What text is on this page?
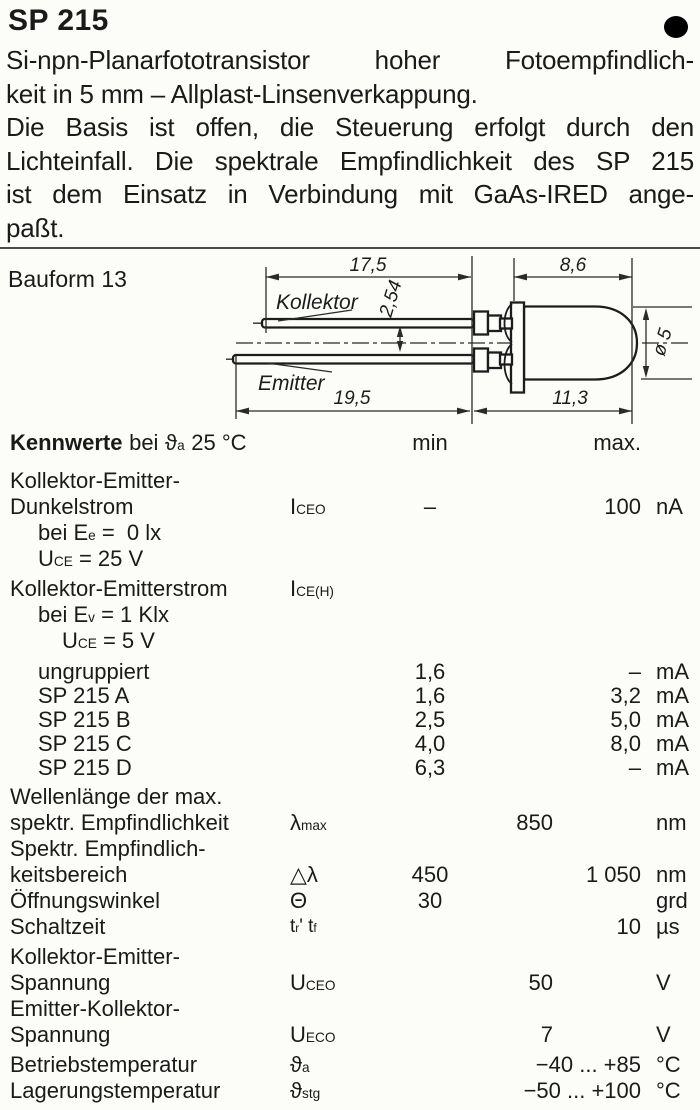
SP 215
Si-npn-Planarfototransistor hoher Fotoempfindlich-
keit in 5 mm – Allplast-Linsenverkappung.
Die Basis ist offen, die Steuerung erfolgt durch den
Lichteinfall. Die spektrale Empfindlichkeit des SP 215
ist dem Einsatz in Verbindung mit GaAs-IRED ange-
paßt.
Bauform 13
17,5	8,6
2,54
ø 5
19,5	11,3
Kollektor
Emitter
Kennwerte bei ϑa 25 °C	min	max.
Kollektor-Emitter-
Dunkelstrom	ICEO	–	100 nA
bei Ee =  0 lx
UCE = 25 V
Kollektor-Emitterstrom	ICE(H)
bei Ev = 1 Klx
UCE = 5 V
ungruppiert	1,6	– mA
SP 215 A	1,6	3,2 mA
SP 215 B	2,5	5,0 mA
SP 215 C	4,0	8,0 mA
SP 215 D	6,3	– mA
Wellenlänge der max.
spektr. Empfindlichkeit	λmax	850	nm
Spektr. Empfindlich-
keitsbereich	△λ	450	1 050 nm
Öffnungswinkel	Θ	30	grd
Schaltzeit	tr' tf	10 µs
Kollektor-Emitter-
Spannung	UCEO	50	V
Emitter-Kollektor-
Spannung	UECO	7	V
Betriebstemperatur	ϑa	−40 ... +85 °C
Lagerungstemperatur	ϑstg	−50 ... +100 °C
